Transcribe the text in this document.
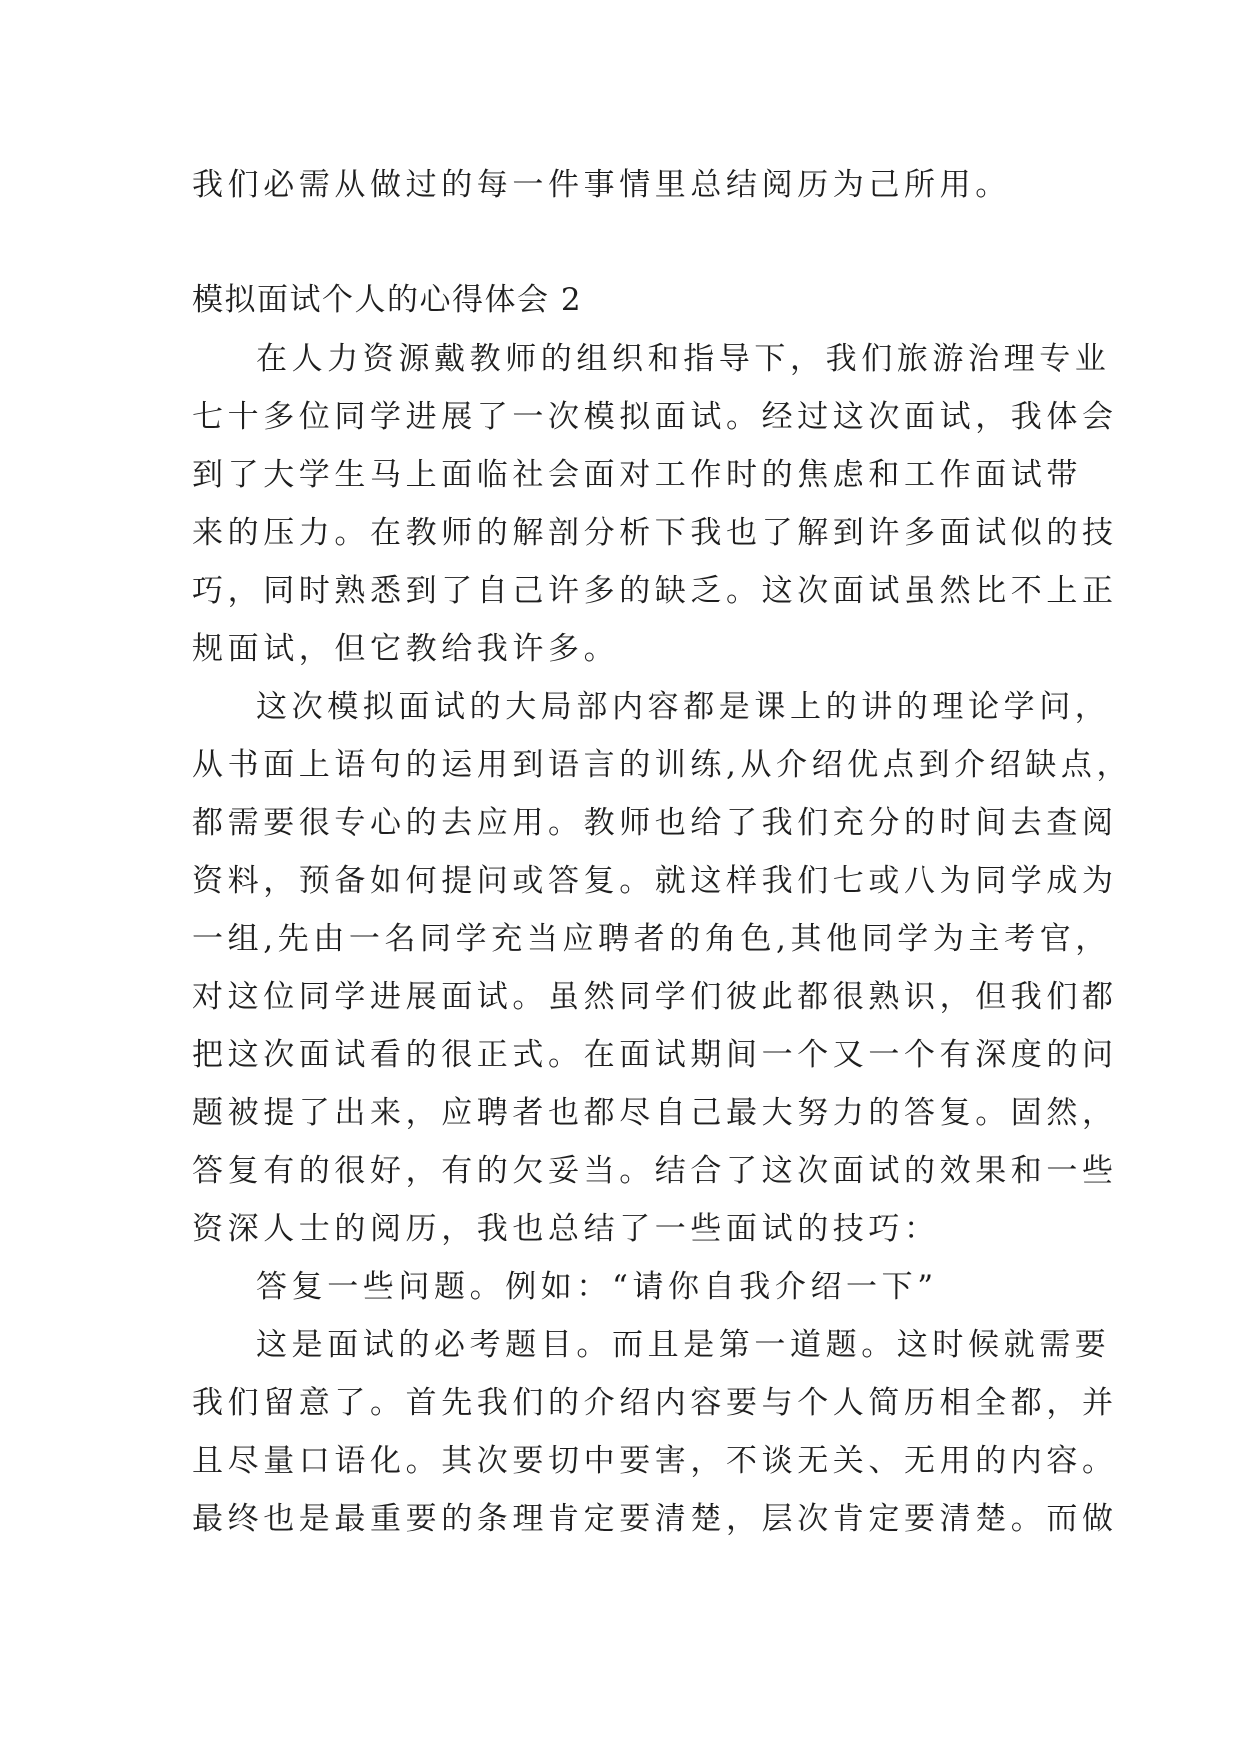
我们必需从做过的每一件事情里总结阅历为己所用。
模拟面试个人的心得体会 2
在人力资源戴教师的组织和指导下，我们旅游治理专业
七十多位同学进展了一次模拟面试。经过这次面试，我体会
到了大学生马上面临社会面对工作时的焦虑和工作面试带
来的压力。在教师的解剖分析下我也了解到许多面试似的技
巧，同时熟悉到了自己许多的缺乏。这次面试虽然比不上正
规面试，但它教给我许多。
这次模拟面试的大局部内容都是课上的讲的理论学问，
从书面上语句的运用到语言的训练,从介绍优点到介绍缺点，
都需要很专心的去应用。教师也给了我们充分的时间去查阅
资料，预备如何提问或答复。就这样我们七或八为同学成为
一组,先由一名同学充当应聘者的角色,其他同学为主考官，
对这位同学进展面试。虽然同学们彼此都很熟识，但我们都
把这次面试看的很正式。在面试期间一个又一个有深度的问
题被提了出来，应聘者也都尽自己最大努力的答复。固然，
答复有的很好，有的欠妥当。结合了这次面试的效果和一些
资深人士的阅历，我也总结了一些面试的技巧：
答复一些问题。例如：“请你自我介绍一下”
这是面试的必考题目。而且是第一道题。这时候就需要
我们留意了。首先我们的介绍内容要与个人简历相全都，并
且尽量口语化。其次要切中要害，不谈无关、无用的内容。
最终也是最重要的条理肯定要清楚，层次肯定要清楚。而做
